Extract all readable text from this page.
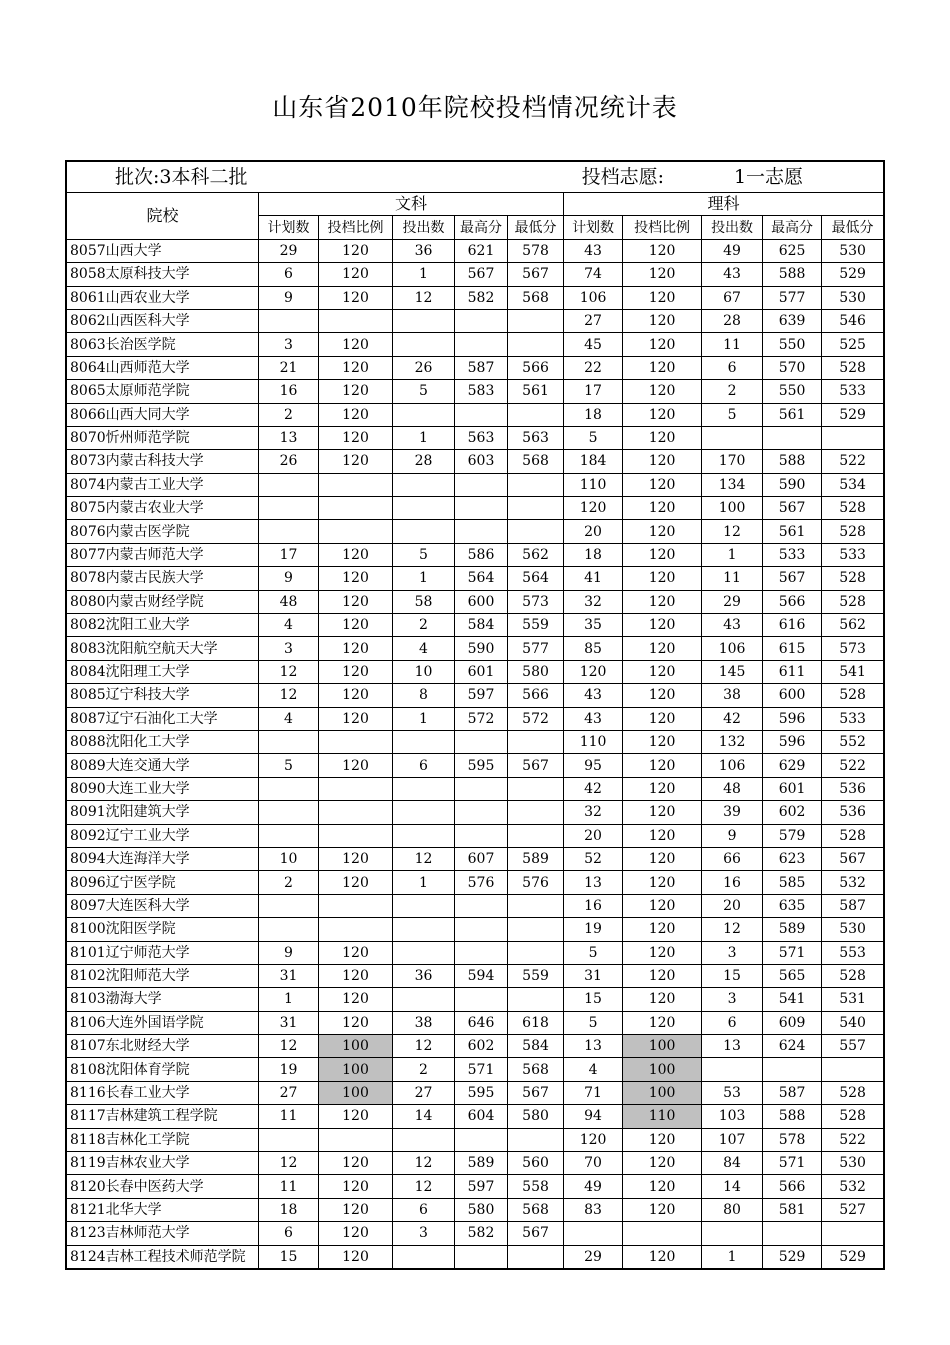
山东省2010年院校投档情况统计表
批次:3本科二批						投档志愿: 1一志愿				
院校	文科					理科				
	计划数	投档比例	投出数	最高分	最低分	计划数	投档比例	投出数	最高分	最低分
8057山西大学	29	120	36	621	578	43	120	49	625	530
8058太原科技大学	6	120	1	567	567	74	120	43	588	529
8061山西农业大学	9	120	12	582	568	106	120	67	577	530
8062山西医科大学						27	120	28	639	546
8063长治医学院	3	120				45	120	11	550	525
8064山西师范大学	21	120	26	587	566	22	120	6	570	528
8065太原师范学院	16	120	5	583	561	17	120	2	550	533
8066山西大同大学	2	120				18	120	5	561	529
8070忻州师范学院	13	120	1	563	563	5	120			
8073内蒙古科技大学	26	120	28	603	568	184	120	170	588	522
8074内蒙古工业大学						110	120	134	590	534
8075内蒙古农业大学						120	120	100	567	528
8076内蒙古医学院						20	120	12	561	528
8077内蒙古师范大学	17	120	5	586	562	18	120	1	533	533
8078内蒙古民族大学	9	120	1	564	564	41	120	11	567	528
8080内蒙古财经学院	48	120	58	600	573	32	120	29	566	528
8082沈阳工业大学	4	120	2	584	559	35	120	43	616	562
8083沈阳航空航天大学	3	120	4	590	577	85	120	106	615	573
8084沈阳理工大学	12	120	10	601	580	120	120	145	611	541
8085辽宁科技大学	12	120	8	597	566	43	120	38	600	528
8087辽宁石油化工大学	4	120	1	572	572	43	120	42	596	533
8088沈阳化工大学						110	120	132	596	552
8089大连交通大学	5	120	6	595	567	95	120	106	629	522
8090大连工业大学						42	120	48	601	536
8091沈阳建筑大学						32	120	39	602	536
8092辽宁工业大学						20	120	9	579	528
8094大连海洋大学	10	120	12	607	589	52	120	66	623	567
8096辽宁医学院	2	120	1	576	576	13	120	16	585	532
8097大连医科大学						16	120	20	635	587
8100沈阳医学院						19	120	12	589	530
8101辽宁师范大学	9	120				5	120	3	571	553
8102沈阳师范大学	31	120	36	594	559	31	120	15	565	528
8103渤海大学	1	120				15	120	3	541	531
8106大连外国语学院	31	120	38	646	618	5	120	6	609	540
8107东北财经大学	12	100	12	602	584	13	100	13	624	557
8108沈阳体育学院	19	100	2	571	568	4	100			
8116长春工业大学	27	100	27	595	567	71	100	53	587	528
8117吉林建筑工程学院	11	120	14	604	580	94	110	103	588	528
8118吉林化工学院						120	120	107	578	522
8119吉林农业大学	12	120	12	589	560	70	120	84	571	530
8120长春中医药大学	11	120	12	597	558	49	120	14	566	532
8121北华大学	18	120	6	580	568	83	120	80	581	527
8123吉林师范大学	6	120	3	582	567					
8124吉林工程技术师范学院	15	120				29	120	1	529	529
